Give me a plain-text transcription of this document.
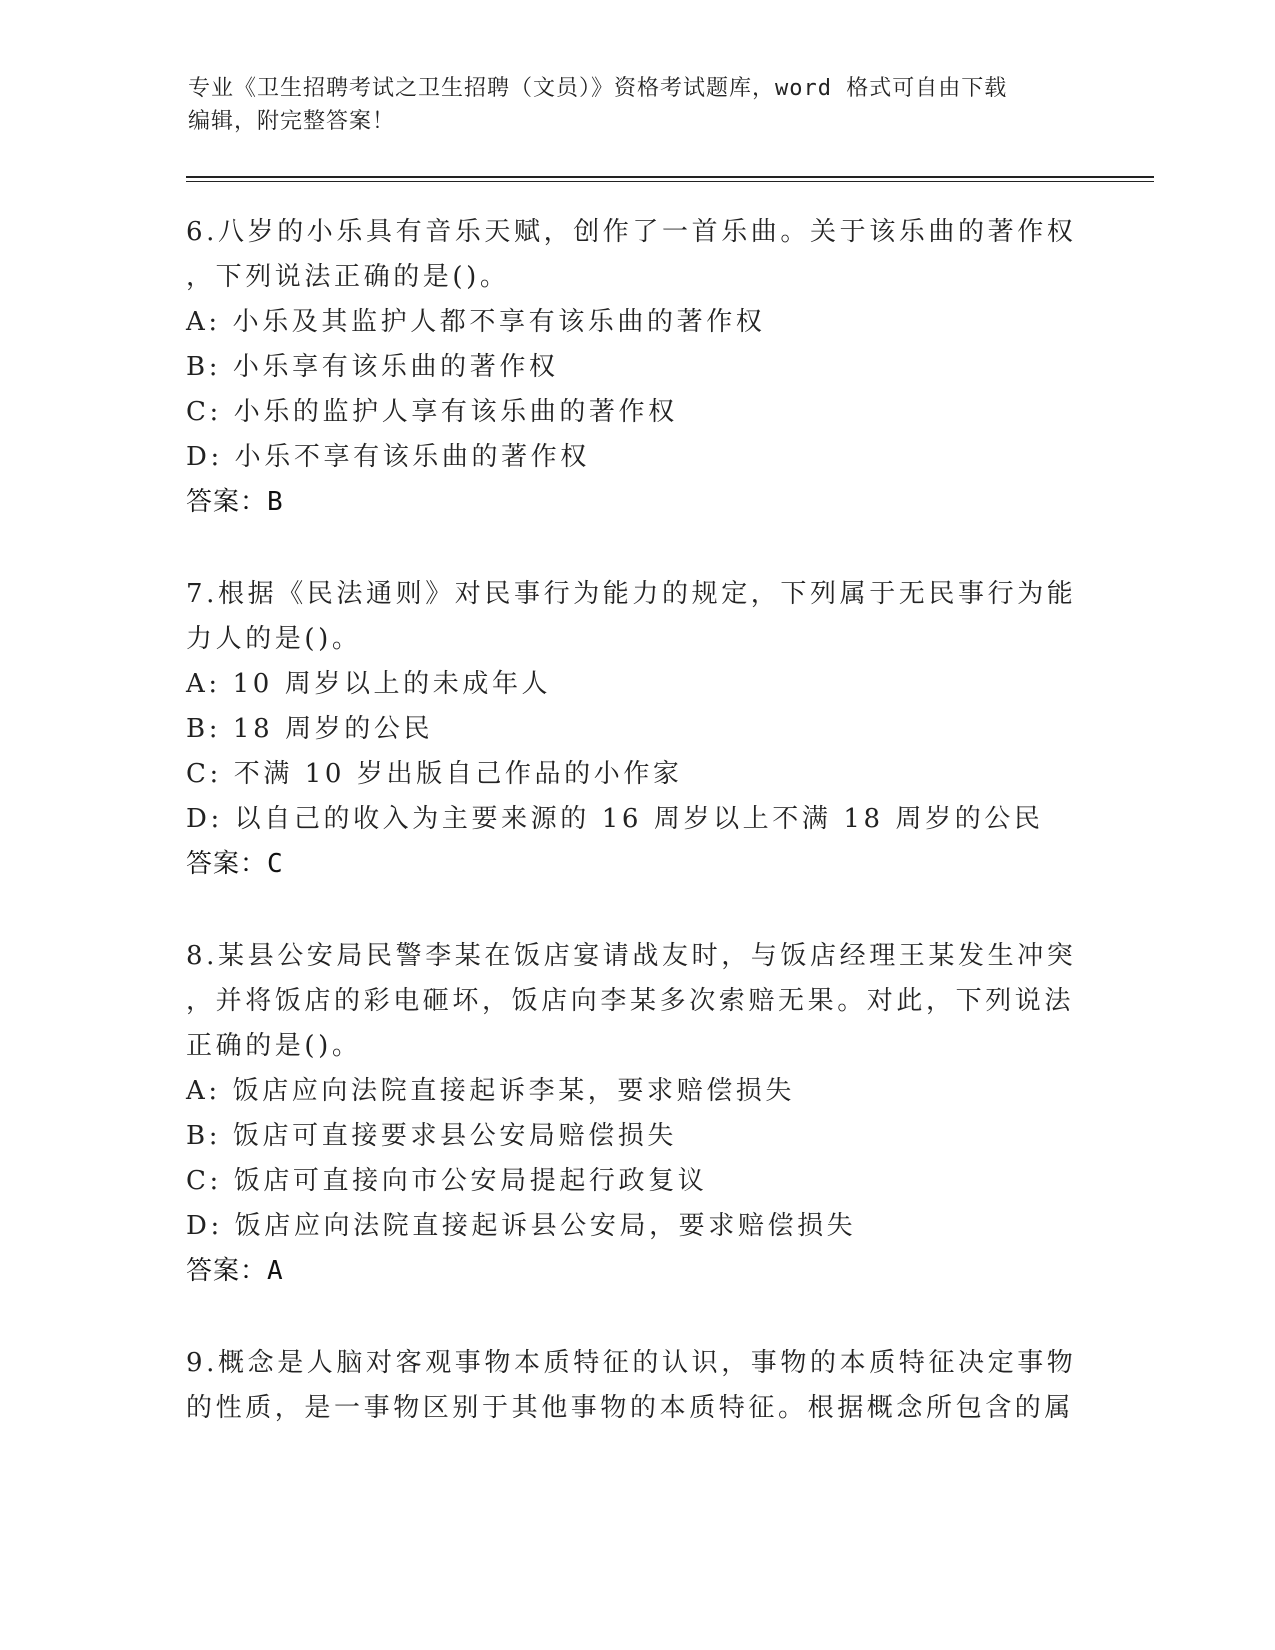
专业《卫生招聘考试之卫生招聘（文员）》资格考试题库，word 格式可自由下载
编辑，附完整答案！
6.八岁的小乐具有音乐天赋，创作了一首乐曲。关于该乐曲的著作权
，下列说法正确的是()。
A: 小乐及其监护人都不享有该乐曲的著作权
B: 小乐享有该乐曲的著作权
C: 小乐的监护人享有该乐曲的著作权
D: 小乐不享有该乐曲的著作权
答案：B
7.根据《民法通则》对民事行为能力的规定，下列属于无民事行为能
力人的是()。
A: 10 周岁以上的未成年人
B: 18 周岁的公民
C: 不满 10 岁出版自己作品的小作家
D: 以自己的收入为主要来源的 16 周岁以上不满 18 周岁的公民
答案：C
8.某县公安局民警李某在饭店宴请战友时，与饭店经理王某发生冲突
，并将饭店的彩电砸坏，饭店向李某多次索赔无果。对此，下列说法
正确的是()。
A: 饭店应向法院直接起诉李某，要求赔偿损失
B: 饭店可直接要求县公安局赔偿损失
C: 饭店可直接向市公安局提起行政复议
D: 饭店应向法院直接起诉县公安局，要求赔偿损失
答案：A
9.概念是人脑对客观事物本质特征的认识，事物的本质特征决定事物
的性质，是一事物区别于其他事物的本质特征。根据概念所包含的属
